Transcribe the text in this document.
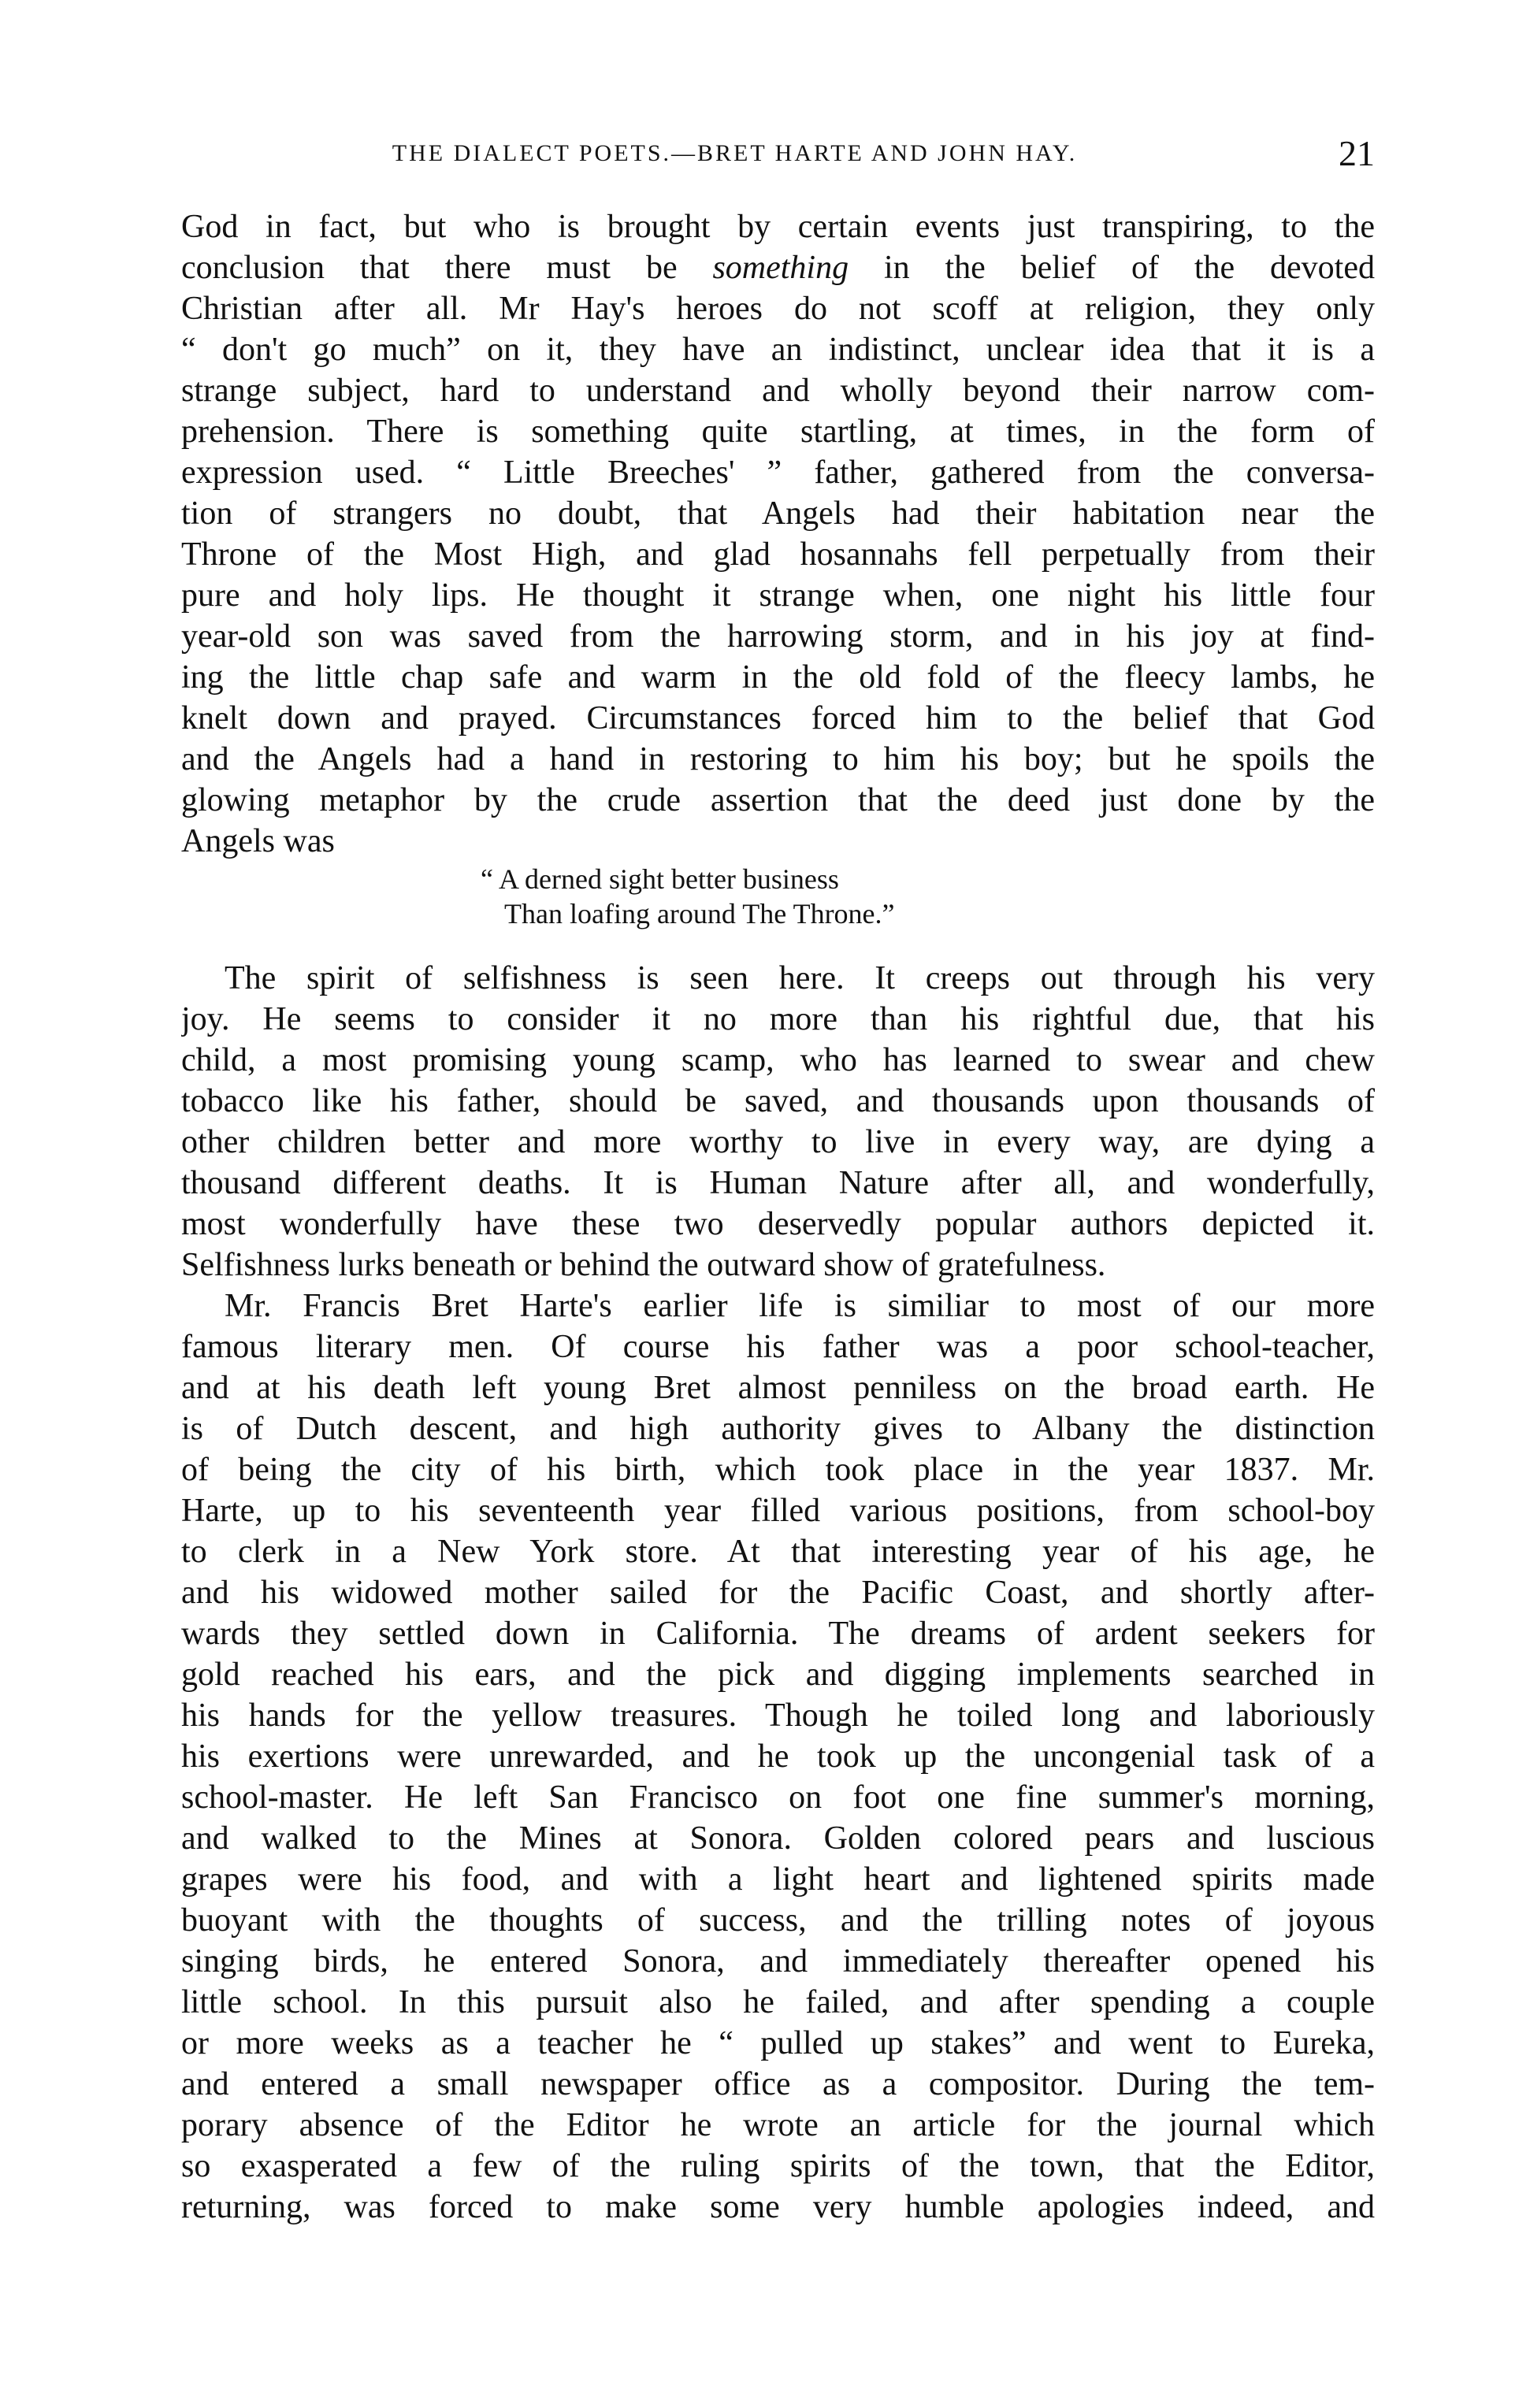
THE DIALECT POETS.—BRET HARTE AND JOHN HAY.	21
God in fact, but who is brought by certain events just transpiring, to the
conclusion that there must be something in the belief of the devoted
Christian after all. Mr Hay's heroes do not scoff at religion, they only
“ don't go much” on it, they have an indistinct, unclear idea that it is a
strange subject, hard to understand and wholly beyond their narrow com-
prehension. There is something quite startling, at times, in the form of
expression used. “ Little Breeches' ” father, gathered from the conversa-
tion of strangers no doubt, that Angels had their habitation near the
Throne of the Most High, and glad hosannahs fell perpetually from their
pure and holy lips. He thought it strange when, one night his little four
year-old son was saved from the harrowing storm, and in his joy at find-
ing the little chap safe and warm in the old fold of the fleecy lambs, he
knelt down and prayed. Circumstances forced him to the belief that God
and the Angels had a hand in restoring to him his boy; but he spoils the
glowing metaphor by the crude assertion that the deed just done by the
Angels was
“ A derned sight better business
Than loafing around The Throne.”
The spirit of selfishness is seen here. It creeps out through his very
joy. He seems to consider it no more than his rightful due, that his
child, a most promising young scamp, who has learned to swear and chew
tobacco like his father, should be saved, and thousands upon thousands of
other children better and more worthy to live in every way, are dying a
thousand different deaths. It is Human Nature after all, and wonderfully,
most wonderfully have these two deservedly popular authors depicted it.
Selfishness lurks beneath or behind the outward show of gratefulness.
Mr. Francis Bret Harte's earlier life is similiar to most of our more
famous literary men. Of course his father was a poor school-teacher,
and at his death left young Bret almost penniless on the broad earth. He
is of Dutch descent, and high authority gives to Albany the distinction
of being the city of his birth, which took place in the year 1837. Mr.
Harte, up to his seventeenth year filled various positions, from school-boy
to clerk in a New York store. At that interesting year of his age, he
and his widowed mother sailed for the Pacific Coast, and shortly after-
wards they settled down in California. The dreams of ardent seekers for
gold reached his ears, and the pick and digging implements searched in
his hands for the yellow treasures. Though he toiled long and laboriously
his exertions were unrewarded, and he took up the uncongenial task of a
school-master. He left San Francisco on foot one fine summer's morning,
and walked to the Mines at Sonora. Golden colored pears and luscious
grapes were his food, and with a light heart and lightened spirits made
buoyant with the thoughts of success, and the trilling notes of joyous
singing birds, he entered Sonora, and immediately thereafter opened his
little school. In this pursuit also he failed, and after spending a couple
or more weeks as a teacher he “ pulled up stakes” and went to Eureka,
and entered a small newspaper office as a compositor. During the tem-
porary absence of the Editor he wrote an article for the journal which
so exasperated a few of the ruling spirits of the town, that the Editor,
returning, was forced to make some very humble apologies indeed, and
